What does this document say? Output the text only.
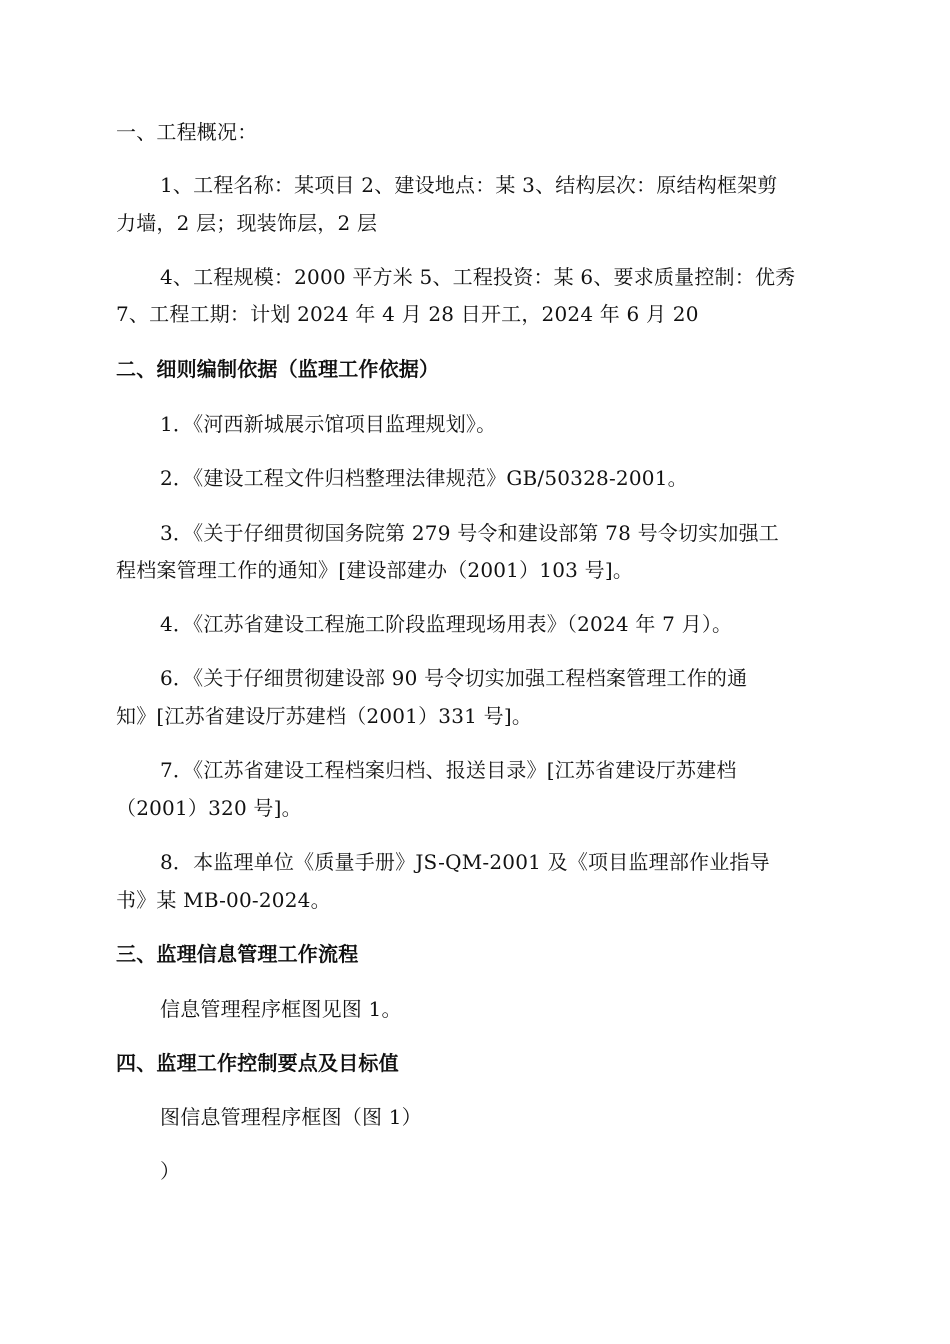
一、工程概况：
1、工程名称：某项目 2、建设地点：某 3、结构层次：原结构框架剪
力墙，2 层；现装饰层，2 层
4、工程规模：2000 平方米 5、工程投资：某 6、要求质量控制：优秀
7、工程工期：计划 2024 年 4 月 28 日开工，2024 年 6 月 20
二、细则编制依据（监理工作依据）
1．《河西新城展示馆项目监理规划》。
2．《建设工程文件归档整理法律规范》GB/50328-2001。
3．《关于仔细贯彻国务院第 279 号令和建设部第 78 号令切实加强工
程档案管理工作的通知》[建设部建办（2001）103 号]。
4．《江苏省建设工程施工阶段监理现场用表》（2024 年 7 月）。
6．《关于仔细贯彻建设部 90 号令切实加强工程档案管理工作的通
知》[江苏省建设厅苏建档（2001）331 号]。
7．《江苏省建设工程档案归档、报送目录》[江苏省建设厅苏建档
（2001）320 号]。
8．本监理单位《质量手册》JS-QM-2001 及《项目监理部作业指导
书》某 MB-00-2024。
三、监理信息管理工作流程
信息管理程序框图见图 1。
四、监理工作控制要点及目标值
图信息管理程序框图（图 1）
）
